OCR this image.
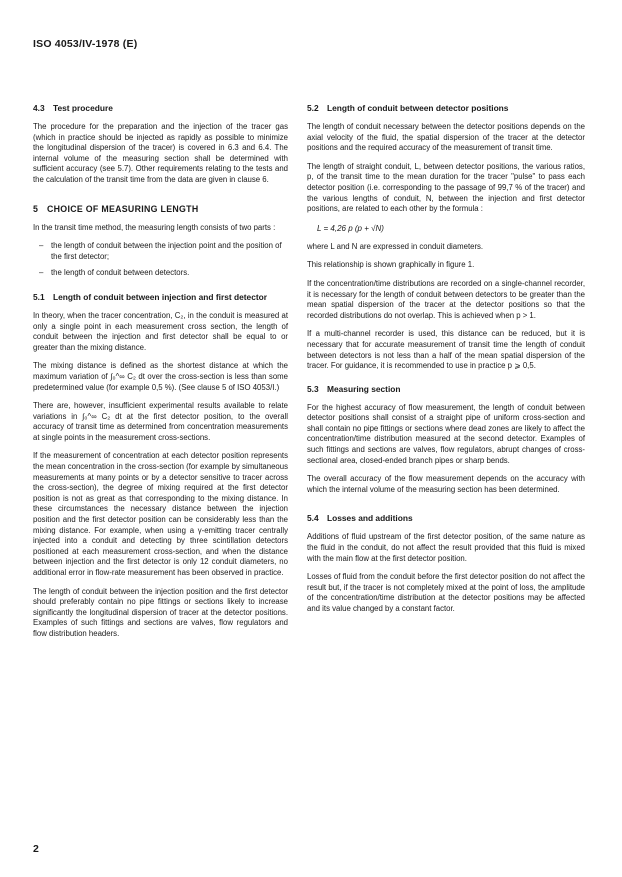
ISO 4053/IV-1978 (E)
4.3 Test procedure

The procedure for the preparation and the injection of the tracer gas (which in practice should be injected as rapidly as possible to minimize the longitudinal dispersion of the tracer) is covered in 6.3 and 6.4. The internal volume of the measuring section shall be determined with sufficient accuracy (see 5.7). Other requirements relating to the tests and the calculation of the transit time from the data are given in clause 6.

5 CHOICE OF MEASURING LENGTH

In the transit time method, the measuring length consists of two parts :

– the length of conduit between the injection point and the position of the first detector;
– the length of conduit between detectors.
5.1 Length of conduit between injection and first detector

In theory, when the tracer concentration, C₂, in the conduit is measured at only a single point in each measurement cross section, the length of conduit between the injection and first detector shall be equal to or greater than the mixing distance.

The mixing distance is defined as the shortest distance at which the maximum variation of ∫₀^∞ C₂ dt over the cross-section is less than some predetermined value (for example 0,5 %). (See clause 5 of ISO 4053/I.)

There are, however, insufficient experimental results available to relate variations in ∫₀^∞ C₂ dt at the first detector position, to the overall accuracy of transit time as determined from concentration measurements at single points in the measurement cross-sections.

If the measurement of concentration at each detector position represents the mean concentration in the cross-section (for example by simultaneous measurements at many points or by a detector sensitive to tracer across the cross-section), the degree of mixing required at the first detector position is not as great as that corresponding to the mixing distance. In these circumstances the necessary distance between the injection position and the first detector position can be considerably less than the mixing distance. For example, when using a γ-emitting tracer centrally injected into a conduit and detecting by three scintillation detectors positioned at each measurement cross-section, and when the distance between injection and the first detector is only 12 conduit diameters, no additional error in flow-rate measurement has been observed in practice.

The length of conduit between the injection position and the first detector should preferably contain no pipe fittings or sections likely to increase significantly the longitudinal dispersion of tracer at the detector positions. Examples of such fittings and sections are valves, flow regulators and flow distribution headers.

5.2 Length of conduit between detector positions

The length of conduit necessary between the detector positions depends on the axial velocity of the fluid, the spatial dispersion of the tracer at the detector positions and the required accuracy of the measurement of transit time.

The length of straight conduit, L, between detector positions, the various ratios, p, of the transit time to the mean duration for the tracer "pulse" to pass each detector position (i.e. corresponding to the passage of 99,7 % of the tracer) and the various lengths of conduit, N, between the injection and first detector positions, are related to each other by the formula :

L = 4,26 p (p + √N)

where L and N are expressed in conduit diameters.

This relationship is shown graphically in figure 1.

If the concentration/time distributions are recorded on a single-channel recorder, it is necessary for the length of conduit between detectors to be greater than the mean spatial dispersion of the tracer at the detector positions so that the recorded distributions do not overlap. This is achieved when p > 1.

If a multi-channel recorder is used, this distance can be reduced, but it is necessary that for accurate measurement of transit time the length of conduit between detectors is not less than a half of the mean spatial dispersion of the tracer. For guidance, it is recommended to use in practice p ⩾ 0,5.

5.3 Measuring section

For the highest accuracy of flow measurement, the length of conduit between detector positions shall consist of a straight pipe of uniform cross-section and shall contain no pipe fittings or sections where dead zones are likely to affect the concentration/time distribution measured at the second detector. Examples of such fittings and sections are valves, flow regulators, abrupt changes of cross-sectional area, closed-ended branch pipes or sharp bends.

The overall accuracy of the flow measurement depends on the accuracy with which the internal volume of the measuring section has been determined.

5.4 Losses and additions

Additions of fluid upstream of the first detector position, of the same nature as the fluid in the conduit, do not affect the result provided that this fluid is mixed with the main flow at the first detector position.

Losses of fluid from the conduit before the first detector position do not affect the result but, if the tracer is not completely mixed at the point of loss, the amplitude of the concentration/time distribution at the detector positions may be affected and its value changed by a constant factor.

2
